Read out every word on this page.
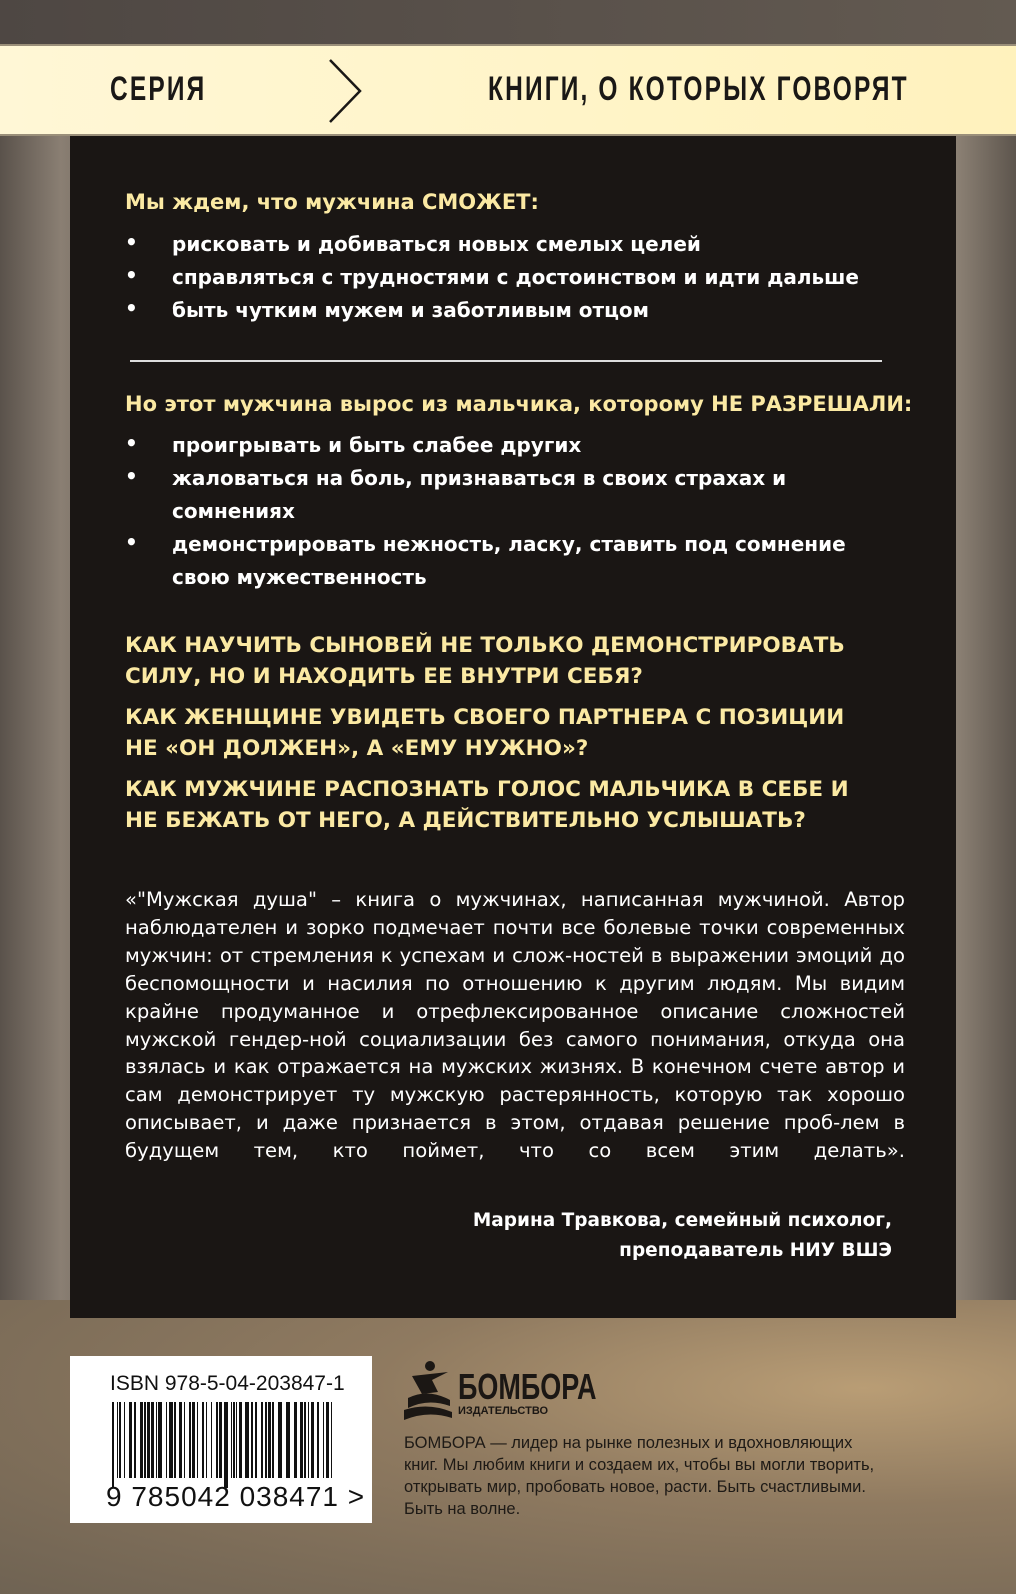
СЕРИЯ	КНИГИ, О КОТОРЫХ ГОВОРЯТ
Мы ждем, что мужчина СМОЖЕТ:
• рисковать и добиваться новых смелых целей
• справляться с трудностями с достоинством и идти дальше
• быть чутким мужем и заботливым отцом
Но этот мужчина вырос из мальчика, которому НЕ РАЗРЕШАЛИ:
• проигрывать и быть слабее других
• жаловаться на боль, признаваться в своих страхах и сомнениях
• демонстрировать нежность, ласку, ставить под сомнение свою мужественность
КАК НАУЧИТЬ СЫНОВЕЙ НЕ ТОЛЬКО ДЕМОНСТРИРОВАТЬ СИЛУ, НО И НАХОДИТЬ ЕЕ ВНУТРИ СЕБЯ?
КАК ЖЕНЩИНЕ УВИДЕТЬ СВОЕГО ПАРТНЕРА С ПОЗИЦИИ НЕ «ОН ДОЛЖЕН», А «ЕМУ НУЖНО»?
КАК МУЖЧИНЕ РАСПОЗНАТЬ ГОЛОС МАЛЬЧИКА В СЕБЕ И НЕ БЕЖАТЬ ОТ НЕГО, А ДЕЙСТВИТЕЛЬНО УСЛЫШАТЬ?
«"Мужская душа" – книга о мужчинах, написанная мужчиной. Автор наблюдателен и зорко подмечает почти все болевые точки современных мужчин: от стремления к успехам и слож-ностей в выражении эмоций до беспомощности и насилия по отношению к другим людям. Мы видим крайне продуманное и отрефлексированное описание сложностей мужской гендер-ной социализации без самого понимания, откуда она взялась и как отражается на мужских жизнях. В конечном счете автор и сам демонстрирует ту мужскую растерянность, которую так хорошо описывает, и даже признается в этом, отдавая решение проб-лем в будущем тем, кто поймет, что со всем этим делать».
Марина Травкова, семейный психолог,
преподаватель НИУ ВШЭ
ISBN 978-5-04-203847-1
9 785042 038471 >
БОМБОРА
ИЗДАТЕЛЬСТВО
БОМБОРА — лидер на рынке полезных и вдохновляющих книг. Мы любим книги и создаем их, чтобы вы могли творить, открывать мир, пробовать новое, расти. Быть счастливыми. Быть на волне.
